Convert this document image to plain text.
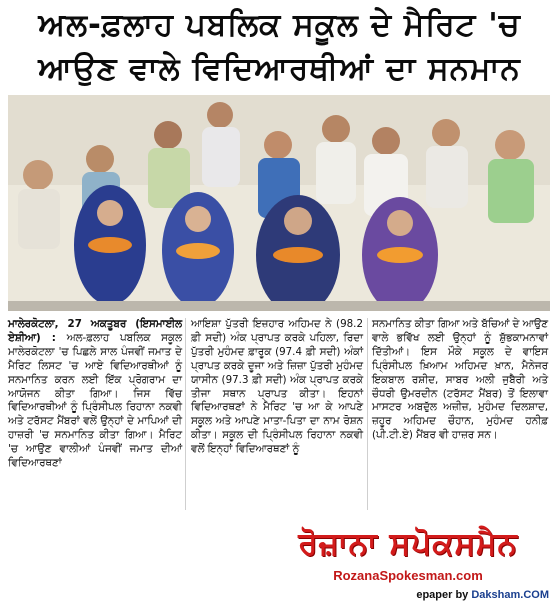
ਅਲ-ਫ਼ਲਾਹ ਪਬਲਿਕ ਸਕੂਲ ਦੇ ਮੈਰਿਟ 'ਚ
ਆਉਣ ਵਾਲੇ ਵਿਦਿਆਰਥੀਆਂ ਦਾ ਸਨਮਾਨ
ਮਾਲੇਰਕੋਟਲਾ, 27 ਅਕਤੂਬਰ (ਇਸਮਾਈਲ ਏਸ਼ੀਆ) : ਅਲ-ਫ਼ਲਾਹ ਪਬਲਿਕ ਸਕੂਲ ਮਾਲੇਰਕੋਟਲਾ 'ਚ ਪਿਛਲੇ ਸਾਲ ਪੰਜਵੀਂ ਜਮਾਤ ਦੇ ਮੈਰਿਟ ਲਿਸਟ 'ਚ ਆਏ ਵਿਦਿਆਰਥੀਆਂ ਨੂੰ ਸਨਮਾਨਿਤ ਕਰਨ ਲਈ ਇੱਕ ਪ੍ਰੋਗਰਾਮ ਦਾ ਆਯੋਜਨ ਕੀਤਾ ਗਿਆ। ਜਿਸ ਵਿੱਚ ਵਿਦਿਆਰਥੀਆਂ ਨੂੰ ਪ੍ਰਿੰਸੀਪਲ ਰਿਹਾਨਾ ਨਕਵੀ ਅਤੇ ਟਰੱਸਟ ਮੈਂਬਰਾਂ ਵਲੋਂ ਉਨ੍ਹਾਂ ਦੇ ਮਾਪਿਆਂ ਦੀ ਹਾਜ਼ਰੀ 'ਚ ਸਨਮਾਨਿਤ ਕੀਤਾ ਗਿਆ। ਮੈਰਿਟ 'ਚ ਆਉਣ ਵਾਲੀਆਂ ਪੰਜਵੀਂ ਜਮਾਤ ਦੀਆਂ ਵਿਦਿਆਰਥਣਾਂ
ਆਇਸ਼ਾ ਪੁੱਤਰੀ ਇਜ਼ਹਾਰ ਅਹਿਮਦ ਨੇ (98.2 ਫ਼ੀ ਸਦੀ) ਅੰਕ ਪ੍ਰਾਪਤ ਕਰਕੇ ਪਹਿਲਾ, ਰਿਦਾ ਪੁੱਤਰੀ ਮੁਹੰਮਦ ਫ਼ਾਰੂਕ (97.4 ਫ਼ੀ ਸਦੀ) ਅੰਕਾਂ ਪ੍ਰਾਪਤ ਕਰਕੇ ਦੂਜਾ ਅਤੇ ਜ਼ਿਜ਼ਾ ਪੁੱਤਰੀ ਮੁਹੰਮਦ ਯਾਸੀਨ (97.3 ਫ਼ੀ ਸਦੀ) ਅੰਕ ਪ੍ਰਾਪਤ ਕਰਕੇ ਤੀਜਾ ਸਥਾਨ ਪ੍ਰਾਪਤ ਕੀਤਾ। ਇਹਨਾਂ ਵਿਦਿਆਰਥਣਾਂ ਨੇ ਮੈਰਿਟ 'ਚ ਆ ਕੇ ਆਪਣੇ ਸਕੂਲ ਅਤੇ ਆਪਣੇ ਮਾਤਾ-ਪਿਤਾ ਦਾ ਨਾਮ ਰੋਸ਼ਨ ਕੀਤਾ। ਸਕੂਲ ਦੀ ਪ੍ਰਿੰਸੀਪਲ ਰਿਹਾਨਾ ਨਕਵੀ ਵਲੋਂ ਇਨ੍ਹਾਂ ਵਿਦਿਆਰਥਣਾਂ ਨੂੰ
ਸਨਮਾਨਿਤ ਕੀਤਾ ਗਿਆ ਅਤੇ ਬੱਚਿਆਂ ਦੇ ਆਉਣ ਵਾਲੇ ਭਵਿੱਖ ਲਈ ਉਨ੍ਹਾਂ ਨੂੰ ਸ਼ੁੱਭਕਾਮਨਾਵਾਂ ਦਿੱਤੀਆਂ। ਇਸ ਮੌਕੇ ਸਕੂਲ ਦੇ ਵਾਇਸ ਪ੍ਰਿੰਸੀਪਲ ਖ਼ਿਆਮ ਅਹਿਮਦ ਖ਼ਾਨ, ਮੈਨੇਜਰ ਇਕਬਾਲ ਰਸ਼ੀਦ, ਸਾਬਰ ਅਲੀ ਜੁਬੈਰੀ ਅਤੇ ਚੌਧਰੀ ਉਮਰਦੀਨ (ਟਰੱਸਟ ਮੈਂਬਰ) ਤੋਂ ਇਲਾਵਾ ਮਾਸਟਰ ਅਬਦੁੱਲ ਅਜ਼ੀਜ਼, ਮੁਹੰਮਦ ਦਿਲਸ਼ਾਦ, ਜ਼ਹੂਰ ਅਹਿਮਦ ਚੌਹਾਨ, ਮੁਹੰਮਦ ਹਨੀਫ਼ (ਪੀ.ਟੀ.ਏ) ਮੈਂਬਰ ਵੀ ਹਾਜ਼ਰ ਸਨ।
ਰੋਜ਼ਾਨਾ ਸਪੋਕਸਮੈਨ
RozanaSpokesman.com
epaper by Daksham.COM
